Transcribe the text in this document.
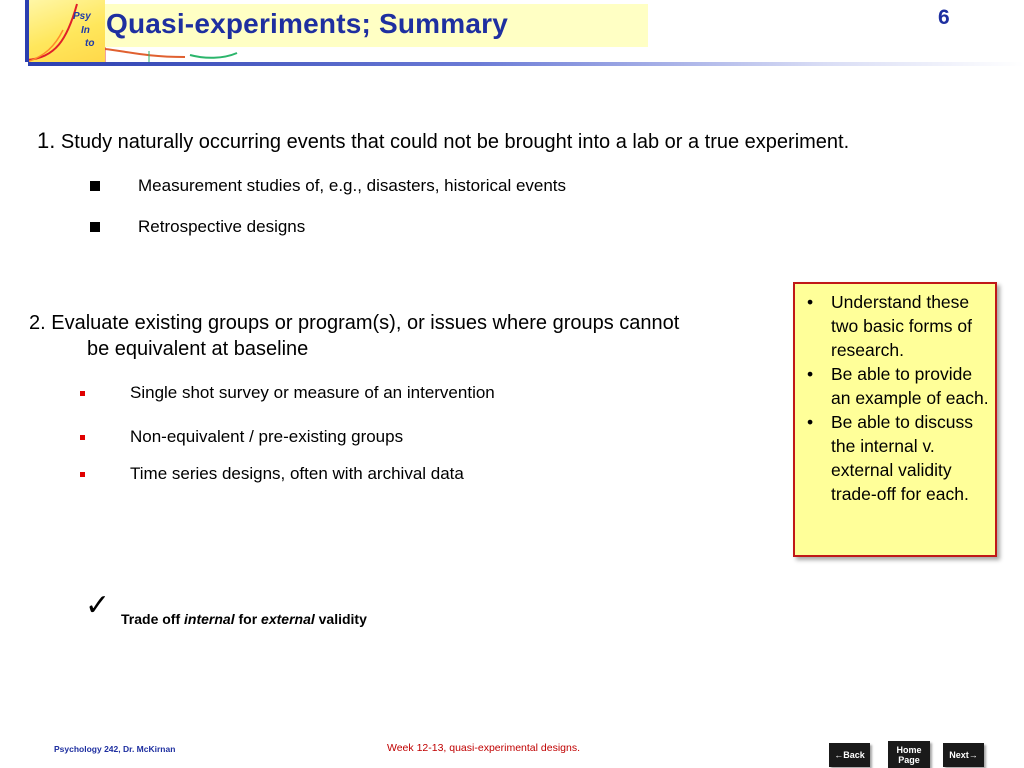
Psy
In
to
Quasi-experiments; Summary	6
1. Study naturally occurring events that could not be brought into a lab or a true experiment.
Measurement studies of, e.g., disasters, historical events
Retrospective designs
2. Evaluate existing groups or program(s), or issues where groups cannot
be equivalent at baseline
Single shot survey or measure of an intervention
Non-equivalent / pre-existing groups
Time series designs, often with archival data
•	Understand these two basic forms of research.
•	Be able to provide an example of each.
•	Be able to discuss the internal v. external validity trade-off for each.
✓ Trade off internal for external validity
Psychology 242, Dr. McKirnan	Week 12-13, quasi-experimental designs.
←Back
Home
Page	Next→
